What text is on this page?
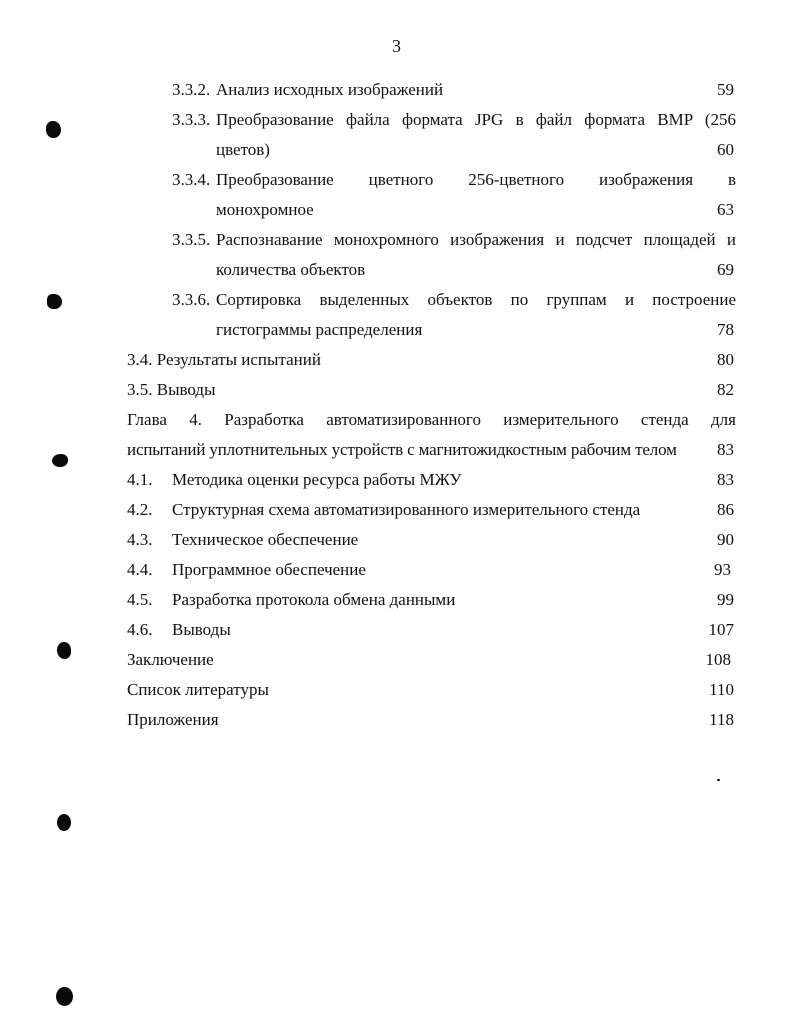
3
3.3.2. Анализ исходных изображений	59
3.3.3. Преобразование файла формата JPG в файл формата BMP (256
цветов)	60
3.3.4. Преобразование цветного 256-цветного изображения в
монохромное	63
3.3.5. Распознавание монохромного изображения и подсчет площадей и
количества объектов	69
3.3.6. Сортировка выделенных объектов по группам и построение
гистограммы распределения	78
3.4. Результаты испытаний	80
3.5. Выводы	82
Глава 4. Разработка автоматизированного измерительного стенда для
испытаний уплотнительных устройств с магнитожидкостным рабочим телом 83
4.1. Методика оценки ресурса работы МЖУ	83
4.2. Структурная схема автоматизированного измерительного стенда	86
4.3. Техническое обеспечение	90
4.4. Программное обеспечение	93
4.5. Разработка протокола обмена данными	99
4.6. Выводы	107
Заключение	108
Список литературы	110
Приложения	118
